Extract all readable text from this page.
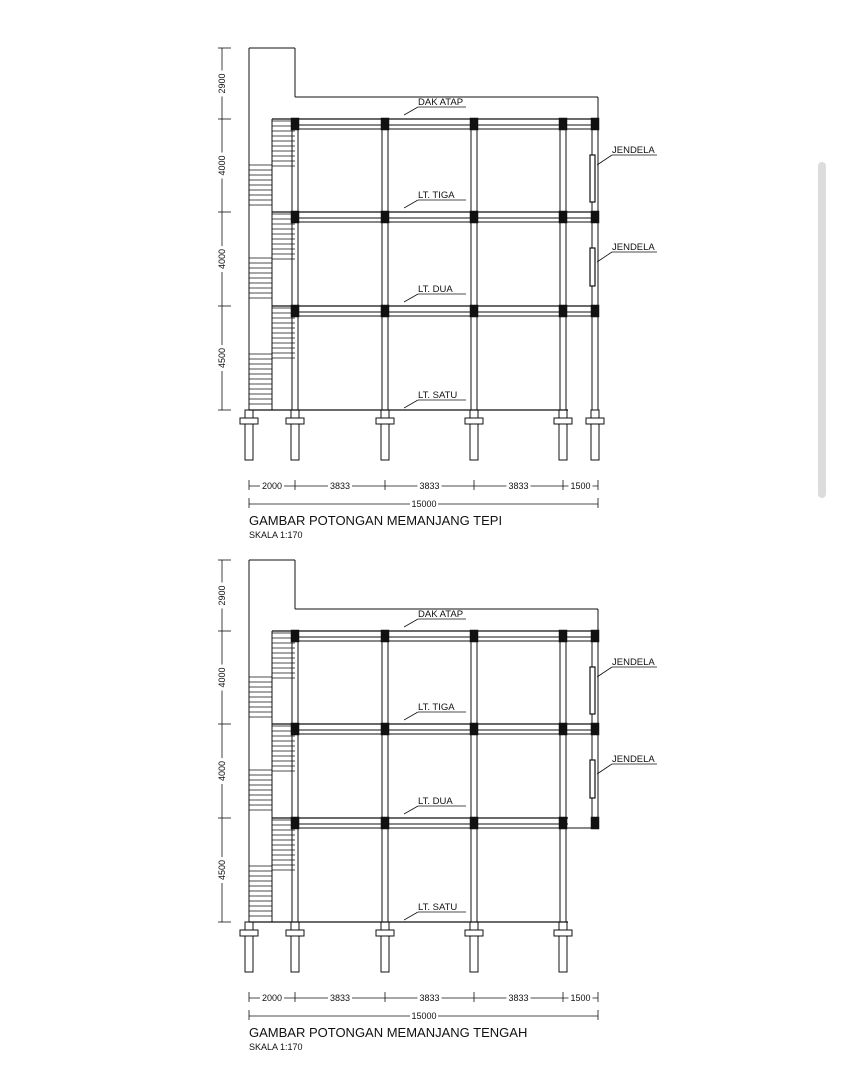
DAK ATAP
LT. TIGA
LT. DUA
LT. SATU
JENDELA
JENDELA
2900
4000
4000
4500
2000	3833	3833	3833	1500
15000
GAMBAR POTONGAN MEMANJANG TEPI
SKALA 1:170
DAK ATAP
LT. TIGA
LT. DUA
LT. SATU
JENDELA
JENDELA
2900
4000
4000
4500
2000	3833	3833	3833	1500
15000
GAMBAR POTONGAN MEMANJANG TENGAH
SKALA 1:170
